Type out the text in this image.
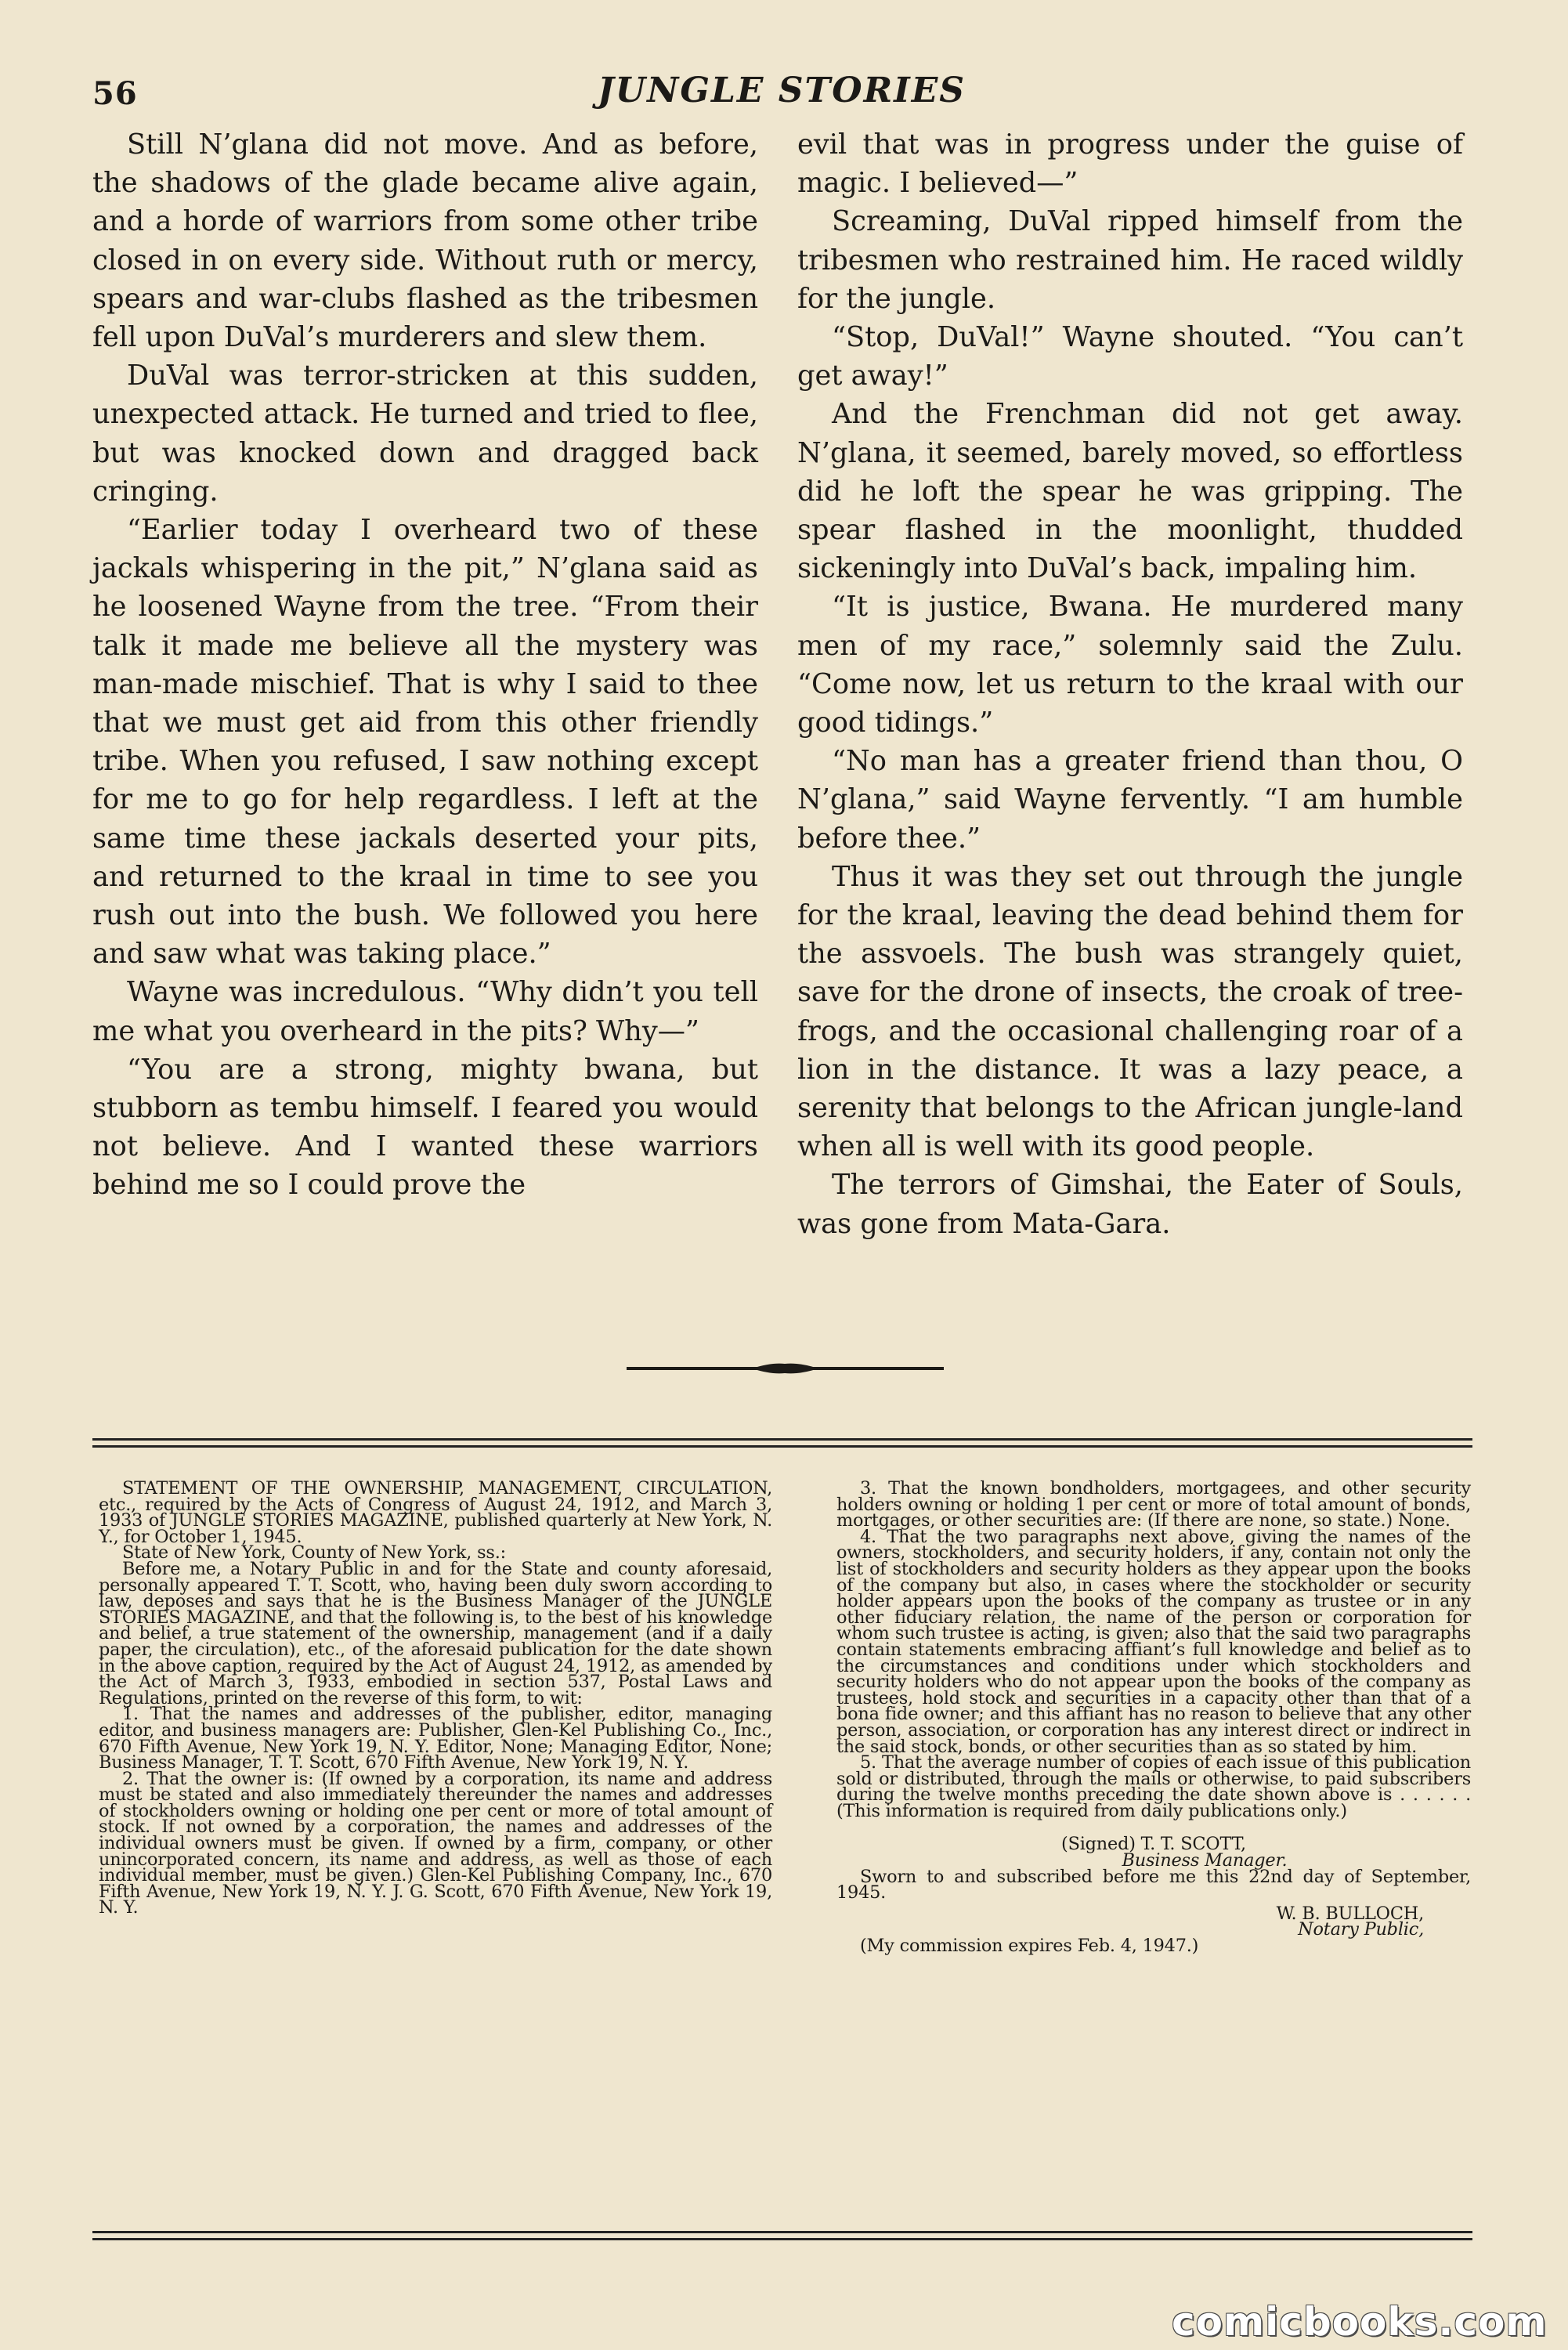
56	JUNGLE STORIES

Still N’glana did not move. And as before, the shadows of the glade became alive again, and a horde of warriors from some other tribe closed in on every side. Without ruth or mercy, spears and war-clubs flashed as the tribesmen fell upon DuVal’s murderers and slew them.

DuVal was terror-stricken at this sudden, unexpected attack. He turned and tried to flee, but was knocked down and dragged back cringing.

“Earlier today I overheard two of these jackals whispering in the pit,” N’glana said as he loosened Wayne from the tree. “From their talk it made me believe all the mystery was man-made mischief. That is why I said to thee that we must get aid from this other friendly tribe. When you refused, I saw nothing except for me to go for help regardless. I left at the same time these jackals deserted your pits, and returned to the kraal in time to see you rush out into the bush. We followed you here and saw what was taking place.”

Wayne was incredulous. “Why didn’t you tell me what you overheard in the pits? Why—”

“You are a strong, mighty bwana, but stubborn as tembu himself. I feared you would not believe. And I wanted these warriors behind me so I could prove the

evil that was in progress under the guise of magic. I believed—”

Screaming, DuVal ripped himself from the tribesmen who restrained him. He raced wildly for the jungle.

“Stop, DuVal!” Wayne shouted. “You can’t get away!”

And the Frenchman did not get away. N’glana, it seemed, barely moved, so effortless did he loft the spear he was gripping. The spear flashed in the moonlight, thudded sickeningly into DuVal’s back, impaling him.

“It is justice, Bwana. He murdered many men of my race,” solemnly said the Zulu. “Come now, let us return to the kraal with our good tidings.”

“No man has a greater friend than thou, O N’glana,” said Wayne fervently. “I am humble before thee.”

Thus it was they set out through the jungle for the kraal, leaving the dead behind them for the assvoels. The bush was strangely quiet, save for the drone of insects, the croak of tree-frogs, and the occasional challenging roar of a lion in the distance. It was a lazy peace, a serenity that belongs to the African jungle-land when all is well with its good people.

The terrors of Gimshai, the Eater of Souls, was gone from Mata-Gara.

STATEMENT OF THE OWNERSHIP, MANAGEMENT, CIRCULATION, etc., required by the Acts of Congress of August 24, 1912, and March 3, 1933 of JUNGLE STORIES MAGAZINE, published quarterly at New York, N. Y., for October 1, 1945.

State of New York, County of New York, ss.:

Before me, a Notary Public in and for the State and county aforesaid, personally appeared T. T. Scott, who, having been duly sworn according to law, deposes and says that he is the Business Manager of the JUNGLE STORIES MAGAZINE, and that the following is, to the best of his knowledge and belief, a true statement of the ownership, management (and if a daily paper, the circulation), etc., of the aforesaid publication for the date shown in the above caption, required by the Act of August 24, 1912, as amended by the Act of March 3, 1933, embodied in section 537, Postal Laws and Regulations, printed on the reverse of this form, to wit:

1. That the names and addresses of the publisher, editor, managing editor, and business managers are: Publisher, Glen-Kel Publishing Co., Inc., 670 Fifth Avenue, New York 19, N. Y. Editor, None; Managing Editor, None; Business Manager, T. T. Scott, 670 Fifth Avenue, New York 19, N. Y.

2. That the owner is: (If owned by a corporation, its name and address must be stated and also immediately thereunder the names and addresses of stockholders owning or holding one per cent or more of total amount of stock. If not owned by a corporation, the names and addresses of the individual owners must be given. If owned by a firm, company, or other unincorporated concern, its name and address, as well as those of each individual member, must be given.) Glen-Kel Publishing Company, Inc., 670 Fifth Avenue, New York 19, N. Y. J. G. Scott, 670 Fifth Avenue, New York 19, N. Y.

3. That the known bondholders, mortgagees, and other security holders owning or holding 1 per cent or more of total amount of bonds, mortgages, or other securities are: (If there are none, so state.) None.

4. That the two paragraphs next above, giving the names of the owners, stockholders, and security holders, if any, contain not only the list of stockholders and security holders as they appear upon the books of the company but also, in cases where the stockholder or security holder appears upon the books of the company as trustee or in any other fiduciary relation, the name of the person or corporation for whom such trustee is acting, is given; also that the said two paragraphs contain statements embracing affiant’s full knowledge and belief as to the circumstances and conditions under which stockholders and security holders who do not appear upon the books of the company as trustees, hold stock and securities in a capacity other than that of a bona fide owner; and this affiant has no reason to believe that any other person, association, or corporation has any interest direct or indirect in the said stock, bonds, or other securities than as so stated by him.

5. That the average number of copies of each issue of this publication sold or distributed, through the mails or otherwise, to paid subscribers during the twelve months preceding the date shown above is . . . . . . (This information is required from daily publications only.)

(Signed) T. T. SCOTT,

Business Manager.

Sworn to and subscribed before me this 22nd day of September, 1945.

W. B. BULLOCH,

Notary Public,

(My commission expires Feb. 4, 1947.)

comicbooks.com
